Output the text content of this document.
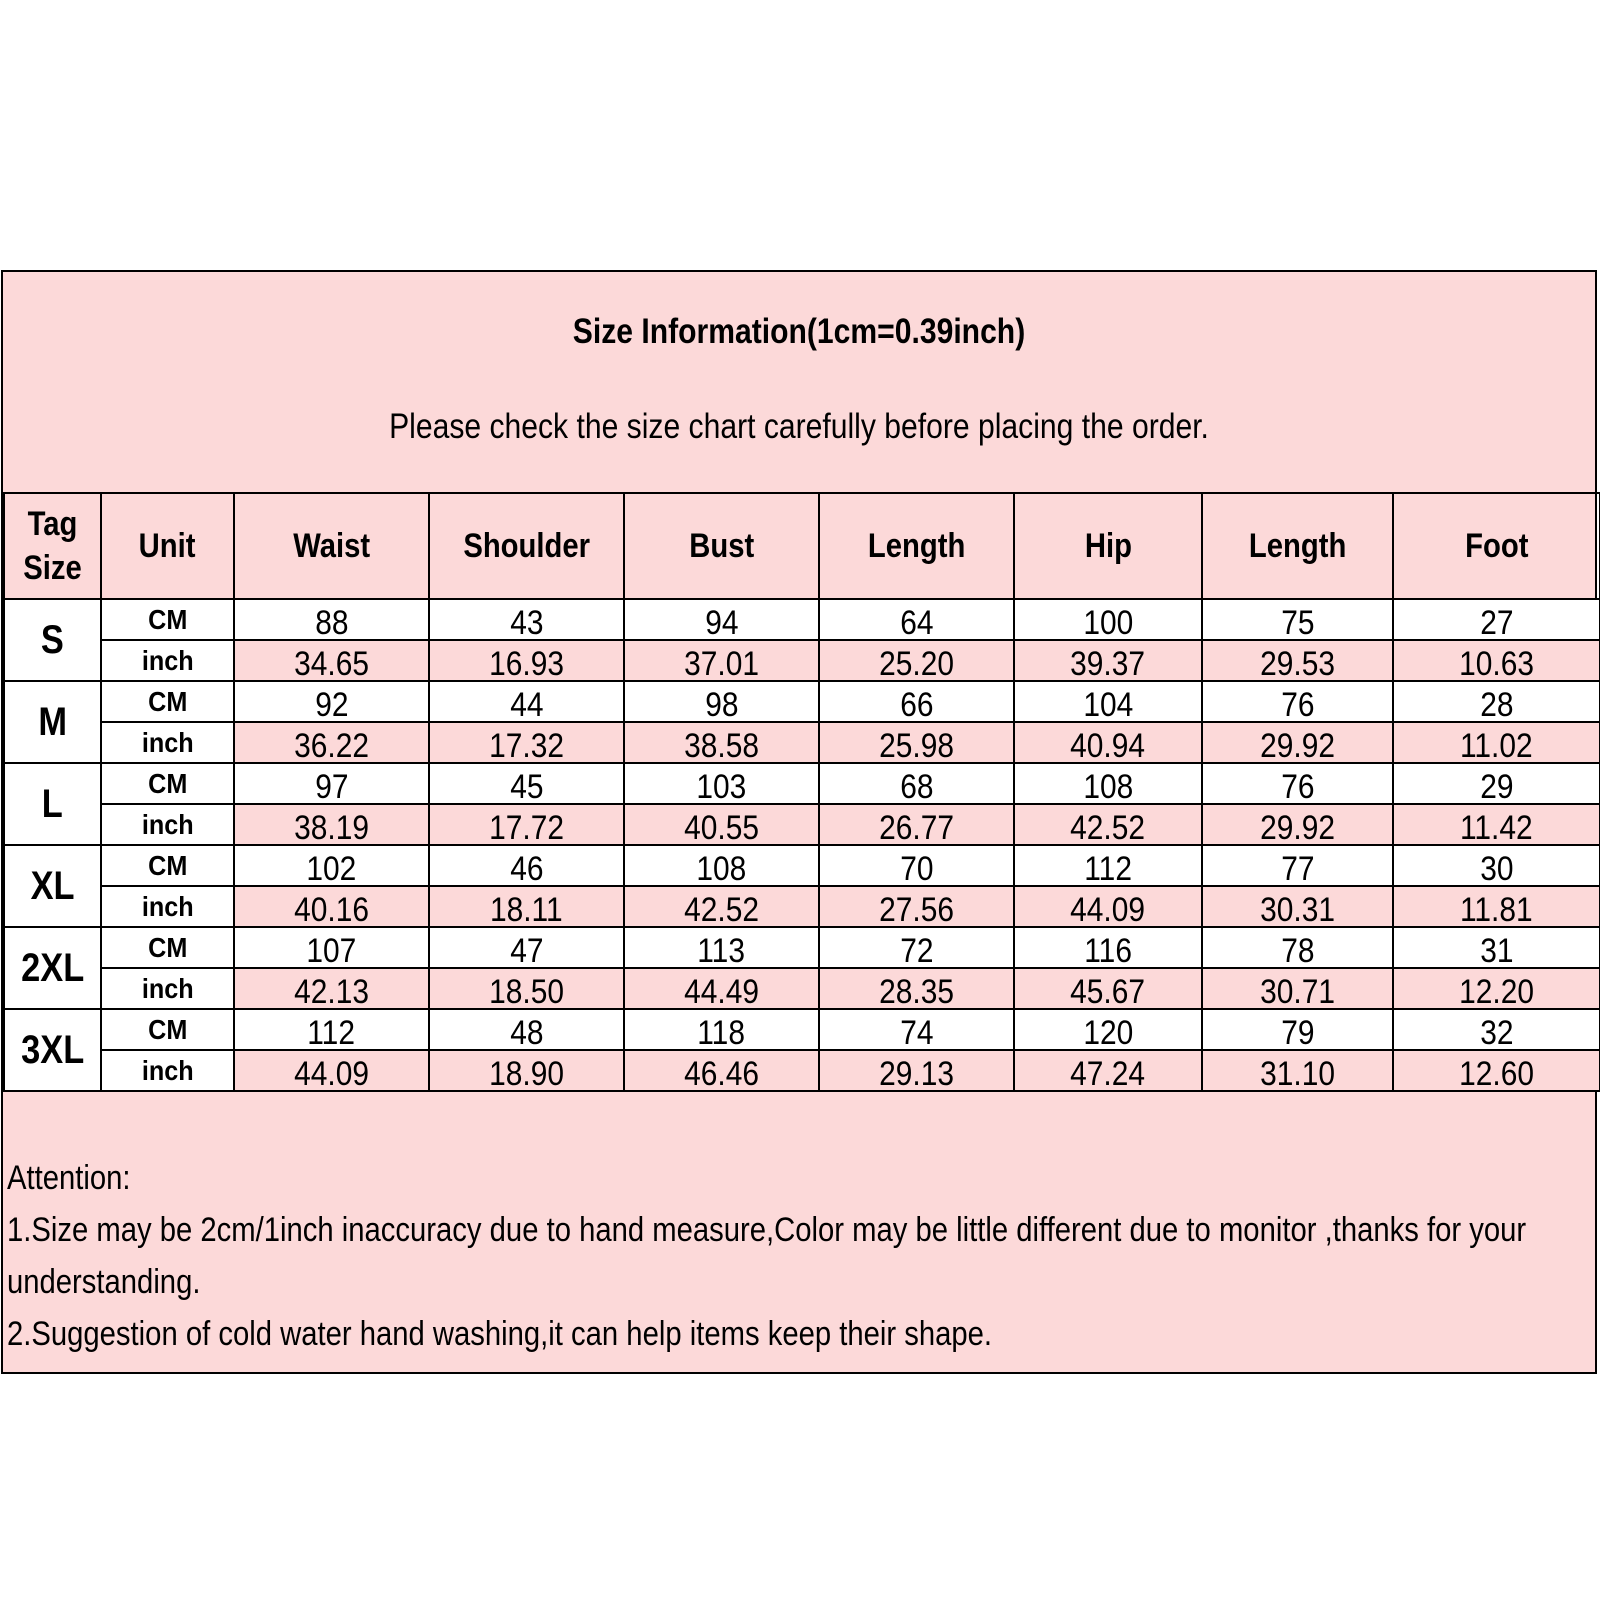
Size Information(1cm=0.39inch)
Please check the size chart carefully before placing the order.
Tag Size	Unit	Waist	Shoulder	Bust	Length	Hip	Length	Foot
S	CM	88	43	94	64	100	75	27
	inch	34.65	16.93	37.01	25.20	39.37	29.53	10.63
M	CM	92	44	98	66	104	76	28
	inch	36.22	17.32	38.58	25.98	40.94	29.92	11.02
L	CM	97	45	103	68	108	76	29
	inch	38.19	17.72	40.55	26.77	42.52	29.92	11.42
XL	CM	102	46	108	70	112	77	30
	inch	40.16	18.11	42.52	27.56	44.09	30.31	11.81
2XL	CM	107	47	113	72	116	78	31
	inch	42.13	18.50	44.49	28.35	45.67	30.71	12.20
3XL	CM	112	48	118	74	120	79	32
	inch	44.09	18.90	46.46	29.13	47.24	31.10	12.60
Attention:
1.Size may be 2cm/1inch inaccuracy due to hand measure,Color may be little different due to monitor ,thanks for your
understanding.
2.Suggestion of cold water hand washing,it can help items keep their shape.
